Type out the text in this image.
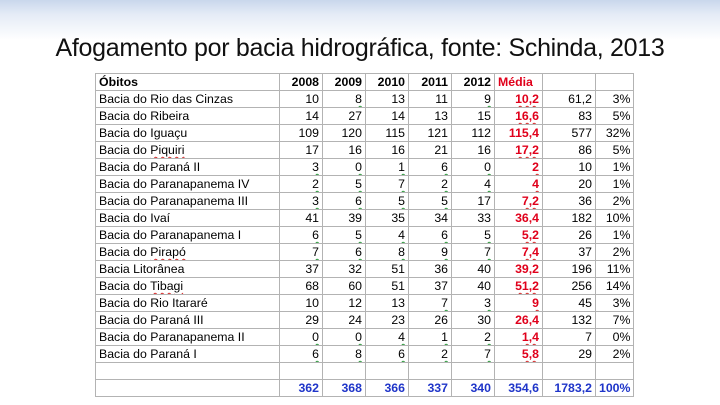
Afogamento por bacia hidrográfica, fonte: Schinda, 2013
Óbitos	2008	2009	2010	2011	2012	Média		
Bacia do Rio das Cinzas	10	8	13	11	9	10,2	61,2	3%
Bacia do Ribeira	14	27	14	13	15	16,6	83	5%
Bacia do Iguaçu	109	120	115	121	112	115,4	577	32%
Bacia do Piquiri	17	16	16	21	16	17,2	86	5%
Bacia do Paraná II	3	0	1	6	0	2	10	1%
Bacia do Paranapanema IV	2	5	7	2	4	4	20	1%
Bacia do Paranapanema III	3	6	5	5	17	7,2	36	2%
Bacia do Ivaí	41	39	35	34	33	36,4	182	10%
Bacia do Paranapanema I	6	5	4	6	5	5,2	26	1%
Bacia do Pirapó	7	6	8	9	7	7,4	37	2%
Bacia Litorânea	37	32	51	36	40	39,2	196	11%
Bacia do Tibagi	68	60	51	37	40	51,2	256	14%
Bacia do Rio Itararé	10	12	13	7	3	9	45	3%
Bacia do Paraná III	29	24	23	26	30	26,4	132	7%
Bacia do Paranapanema II	0	0	4	1	2	1,4	7	0%
Bacia do Paraná I	6	8	6	2	7	5,8	29	2%

	362	368	366	337	340	354,6	1783,2	100%
